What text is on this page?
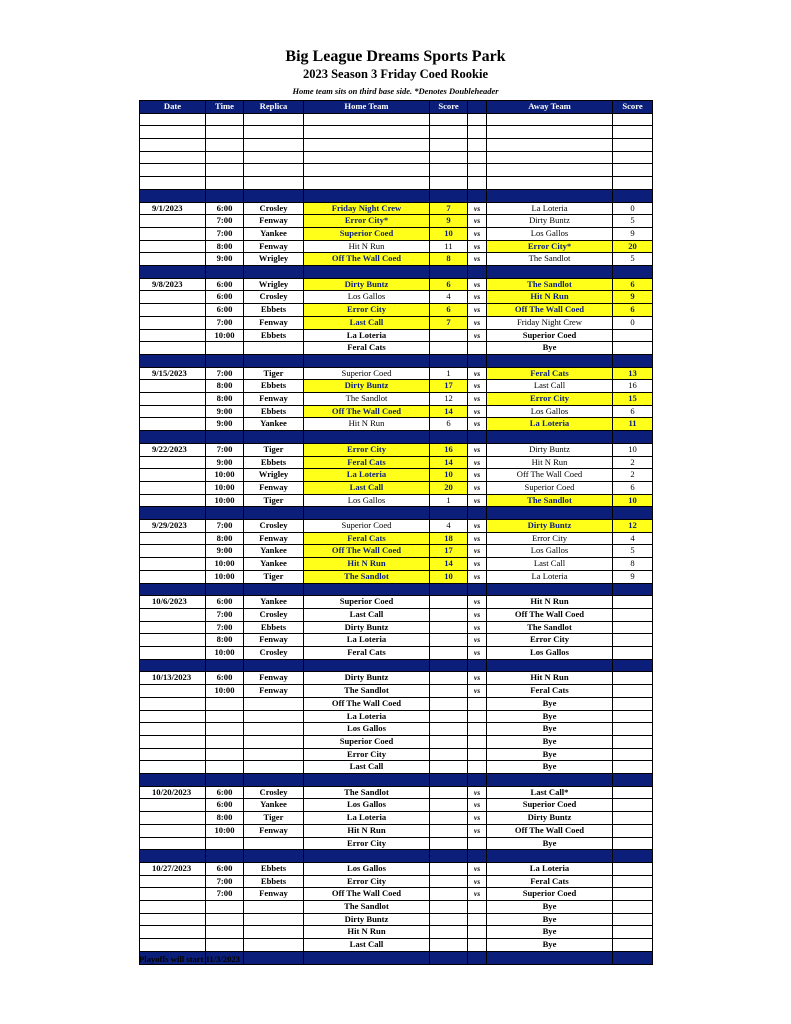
Big League Dreams Sports Park
2023 Season 3 Friday Coed Rookie
Home team sits on third base side. *Denotes Doubleheader
Date	Time	Replica	Home Team	Score		Away Team	Score

9/1/2023	6:00	Crosley	Friday Night Crew	7	vs	La Loteria	0
	7:00	Fenway	Error City*	9	vs	Dirty Buntz	5
	7:00	Yankee	Superior Coed	10	vs	Los Gallos	9
	8:00	Fenway	Hit N Run	11	vs	Error City*	20
	9:00	Wrigley	Off The Wall Coed	8	vs	The Sandlot	5

9/8/2023	6:00	Wrigley	Dirty Buntz	6	vs	The Sandlot	6
	6:00	Crosley	Los Gallos	4	vs	Hit N Run	9
	6:00	Ebbets	Error City	6	vs	Off The Wall Coed	6
	7:00	Fenway	Last Call	7	vs	Friday Night Crew	0
	10:00	Ebbets	La Loteria		vs	Superior Coed	
			Feral Cats			Bye	

9/15/2023	7:00	Tiger	Superior Coed	1	vs	Feral Cats	13
	8:00	Ebbets	Dirty Buntz	17	vs	Last Call	16
	8:00	Fenway	The Sandlot	12	vs	Error City	15
	9:00	Ebbets	Off The Wall Coed	14	vs	Los Gallos	6
	9:00	Yankee	Hit N Run	6	vs	La Loteria	11

9/22/2023	7:00	Tiger	Error City	16	vs	Dirty Buntz	10
	9:00	Ebbets	Feral Cats	14	vs	Hit N Run	2
	10:00	Wrigley	La Loteria	10	vs	Off The Wall Coed	2
	10:00	Fenway	Last Call	20	vs	Superior Coed	6
	10:00	Tiger	Los Gallos	1	vs	The Sandlot	10

9/29/2023	7:00	Crosley	Superior Coed	4	vs	Dirty Buntz	12
	8:00	Fenway	Feral Cats	18	vs	Error City	4
	9:00	Yankee	Off The Wall Coed	17	vs	Los Gallos	5
	10:00	Yankee	Hit N Run	14	vs	Last Call	8
	10:00	Tiger	The Sandlot	10	vs	La Loteria	9

10/6/2023	6:00	Yankee	Superior Coed		vs	Hit N Run	
	7:00	Crosley	Last Call		vs	Off The Wall Coed	
	7:00	Ebbets	Dirty Buntz		vs	The Sandlot	
	8:00	Fenway	La Loteria		vs	Error City	
	10:00	Crosley	Feral Cats		vs	Los Gallos	

10/13/2023	6:00	Fenway	Dirty Buntz		vs	Hit N Run	
	10:00	Fenway	The Sandlot		vs	Feral Cats	
			Off The Wall Coed			Bye	
			La Loteria			Bye	
			Los Gallos			Bye	
			Superior Coed			Bye	
			Error City			Bye	
			Last Call			Bye	

10/20/2023	6:00	Crosley	The Sandlot		vs	Last Call*	
	6:00	Yankee	Los Gallos		vs	Superior Coed	
	8:00	Tiger	La Loteria		vs	Dirty Buntz	
	10:00	Fenway	Hit N Run		vs	Off The Wall Coed	
			Error City			Bye	

10/27/2023	6:00	Ebbets	Los Gallos		vs	La Loteria	
	7:00	Ebbets	Error City		vs	Feral Cats	
	7:00	Fenway	Off The Wall Coed		vs	Superior Coed	
			The Sandlot			Bye	
			Dirty Buntz			Bye	
			Hit N Run			Bye	
			Last Call			Bye	

Playoffs will start 11/3/2023
